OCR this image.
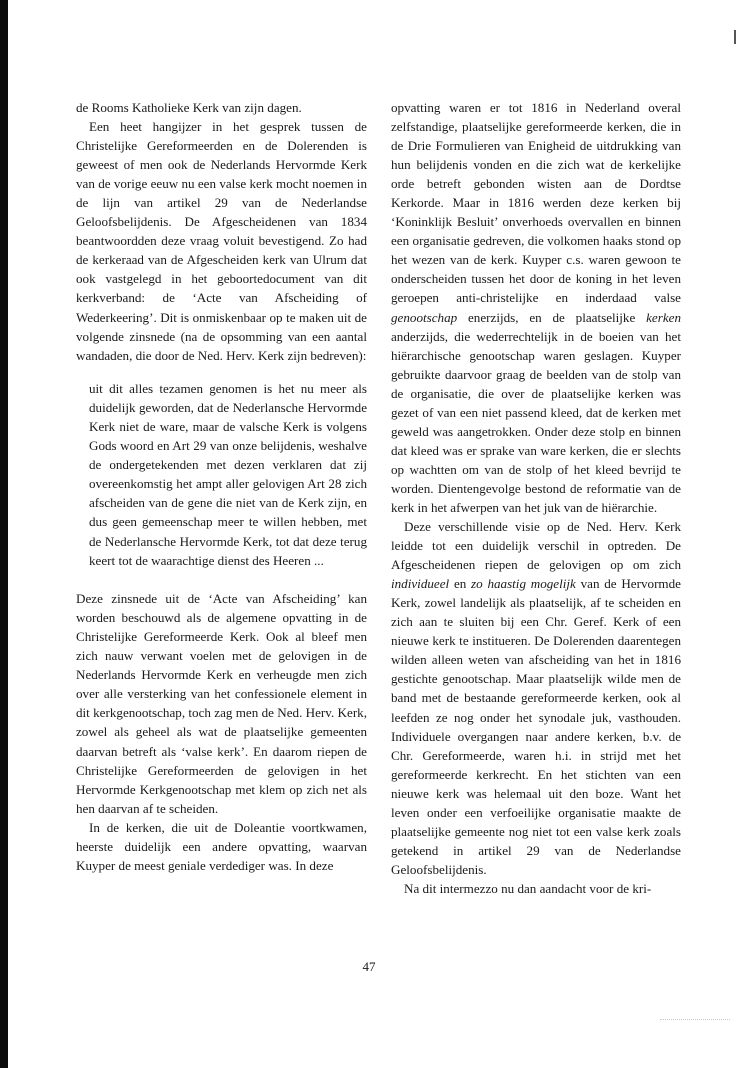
de Rooms Katholieke Kerk van zijn dagen.

Een heet hangijzer in het gesprek tussen de Christelijke Gereformeerden en de Dolerenden is geweest of men ook de Nederlands Hervormde Kerk van de vorige eeuw nu een valse kerk mocht noemen in de lijn van artikel 29 van de Nederlandse Geloofsbelijdenis. De Afgescheidenen van 1834 beantwoordden deze vraag voluit bevestigend. Zo had de kerkeraad van de Afgescheiden kerk van Ulrum dat ook vastgelegd in het geboortedocument van dit kerkverband: de ‘Acte van Afscheiding of Wederkeering’. Dit is onmiskenbaar op te maken uit de volgende zinsnede (na de opsomming van een aantal wandaden, die door de Ned. Herv. Kerk zijn bedreven):

uit dit alles tezamen genomen is het nu meer als duidelijk geworden, dat de Nederlansche Hervormde Kerk niet de ware, maar de valsche Kerk is volgens Gods woord en Art 29 van onze belijdenis, weshalve de ondergetekenden met dezen verklaren dat zij overeenkomstig het ampt aller gelovigen Art 28 zich afscheiden van de gene die niet van de Kerk zijn, en dus geen gemeenschap meer te willen hebben, met de Nederlansche Hervormde Kerk, tot dat deze terug keert tot de waarachtige dienst des Heeren ...

Deze zinsnede uit de ‘Acte van Afscheiding’ kan worden beschouwd als de algemene opvatting in de Christelijke Gereformeerde Kerk. Ook al bleef men zich nauw verwant voelen met de gelovigen in de Nederlands Hervormde Kerk en verheugde men zich over alle versterking van het confessionele element in dit kerkgenootschap, toch zag men de Ned. Herv. Kerk, zowel als geheel als wat de plaatselijke gemeenten daarvan betreft als ‘valse kerk’. En daarom riepen de Christelijke Gereformeerden de gelovigen in het Hervormde Kerkgenootschap met klem op zich net als hen daarvan af te scheiden.

In de kerken, die uit de Doleantie voortkwamen, heerste duidelijk een andere opvatting, waarvan Kuyper de meest geniale verdediger was. In deze

opvatting waren er tot 1816 in Nederland overal zelfstandige, plaatselijke gereformeerde kerken, die in de Drie Formulieren van Enigheid de uitdrukking van hun belijdenis vonden en die zich wat de kerkelijke orde betreft gebonden wisten aan de Dordtse Kerkorde. Maar in 1816 werden deze kerken bij ‘Koninklijk Besluit’ onverhoeds overvallen en binnen een organisatie gedreven, die volkomen haaks stond op het wezen van de kerk. Kuyper c.s. waren gewoon te onderscheiden tussen het door de koning in het leven geroepen anti-christelijke en inderdaad valse genootschap enerzijds, en de plaatselijke kerken anderzijds, die wederrechtelijk in de boeien van het hiërarchische genootschap waren geslagen. Kuyper gebruikte daarvoor graag de beelden van de stolp van de organisatie, die over de plaatselijke kerken was gezet of van een niet passend kleed, dat de kerken met geweld was aangetrokken. Onder deze stolp en binnen dat kleed was er sprake van ware kerken, die er slechts op wachtten om van de stolp of het kleed bevrijd te worden. Dientengevolge bestond de reformatie van de kerk in het afwerpen van het juk van de hiërarchie.

Deze verschillende visie op de Ned. Herv. Kerk leidde tot een duidelijk verschil in optreden. De Afgescheidenen riepen de gelovigen op om zich individueel en zo haastig mogelijk van de Hervormde Kerk, zowel landelijk als plaatselijk, af te scheiden en zich aan te sluiten bij een Chr. Geref. Kerk of een nieuwe kerk te institueren. De Dolerenden daarentegen wilden alleen weten van afscheiding van het in 1816 gestichte genootschap. Maar plaatselijk wilde men de band met de bestaande gereformeerde kerken, ook al leefden ze nog onder het synodale juk, vasthouden. Individuele overgangen naar andere kerken, b.v. de Chr. Gereformeerde, waren h.i. in strijd met het gereformeerde kerkrecht. En het stichten van een nieuwe kerk was helemaal uit den boze. Want het leven onder een verfoeilijke organisatie maakte de plaatselijke gemeente nog niet tot een valse kerk zoals getekend in artikel 29 van de Nederlandse Geloofsbelijdenis.

Na dit intermezzo nu dan aandacht voor de kri-

47
